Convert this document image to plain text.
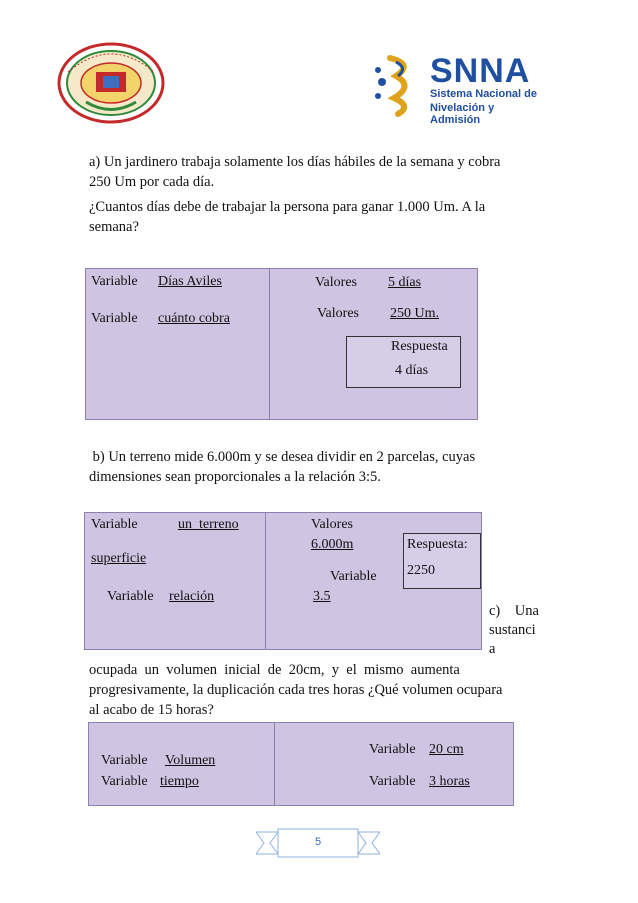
SNNA
Sistema Nacional de
Nivelación y Admisión
a) Un jardinero trabaja solamente los días hábiles de la semana y cobra
250 Um por cada día.
¿Cuantos días debe de trabajar la persona para ganar 1.000 Um. A la
semana?
Variable Días Aviles
Variable cuánto cobra
Valores 5 días
Valores 250 Um.
Respuesta
4 días
b) Un terreno mide 6.000m y se desea dividir en 2 parcelas, cuyas
dimensiones sean proporcionales a la relación 3:5.
Variable	un  terreno
superficie
Variable relación
Valores
6.000m
Variable
3.5
Respuesta:
2250
c)    Una
sustanci
a
ocupada  un  volumen  inicial  de  20cm,  y  el  mismo  aumenta
progresivamente, la duplicación cada tres horas ¿Qué volumen ocupara
al acabo de 15 horas?
Variable Volumen
Variable tiempo
Variable 20 cm
Variable 3 horas
5
